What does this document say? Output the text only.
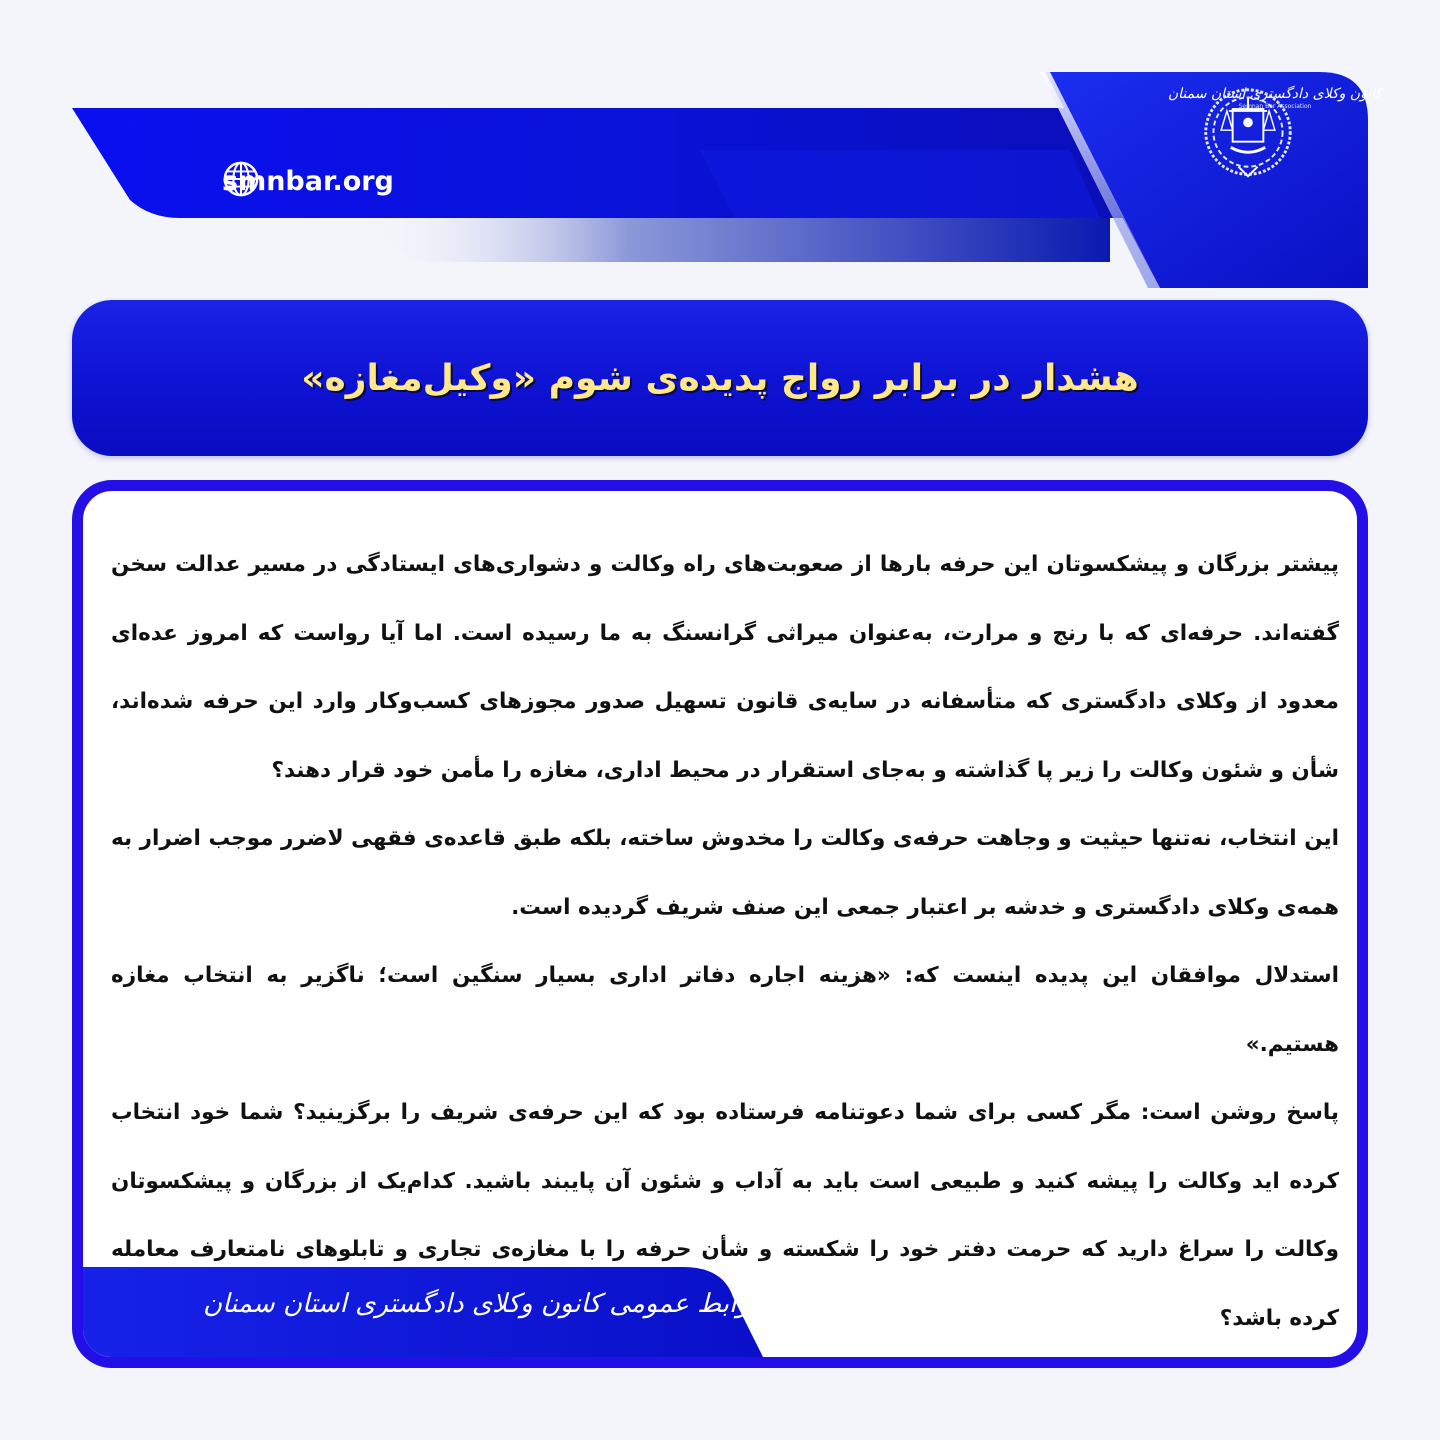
smnbar.org
کانون وکلای دادگستری استان سمنان
Semnan Bar Association
هشدار در برابر رواج پدیده‌ی شوم «وکیل‌مغازه»

پیشتر بزرگان و پیشکسوتان این حرفه بارها از صعوبت‌های راه وکالت و دشواری‌های ایستادگی در مسیر عدالت سخن گفته‌اند. حرفه‌ای که با رنج و مرارت، به‌عنوان میراثی گرانسنگ به ما رسیده است. اما آیا رواست که امروز عده‌ای معدود از وکلای دادگستری که متأسفانه در سایه‌ی قانون تسهیل صدور مجوزهای کسب‌وکار وارد این حرفه شده‌اند، شأن و شئون وکالت را زیر پا گذاشته و به‌جای استقرار در محیط اداری، مغازه را مأمن خود قرار دهند؟

این انتخاب، نه‌تنها حیثیت و وجاهت حرفه‌ی وکالت را مخدوش ساخته، بلکه طبق قاعده‌ی فقهی لاضرر موجب اضرار به همه‌ی وکلای دادگستری و خدشه بر اعتبار جمعی این صنف شریف گردیده است.

استدلال موافقان این پدیده اینست که: «هزینه اجاره دفاتر اداری بسیار سنگین است؛ ناگزیر به انتخاب مغازه هستیم.»

پاسخ روشن است: مگر کسی برای شما دعوتنامه فرستاده بود که این حرفه‌ی شریف را برگزینید؟ شما خود انتخاب کرده اید وکالت را پیشه کنید و طبیعی است باید به آداب و شئون آن پایبند باشید. کدام‌یک از بزرگان و پیشکسوتان وکالت را سراغ دارید که حرمت دفتر خود را شکسته و شأن حرفه را با مغازه‌ی تجاری و تابلوهای نامتعارف معامله کرده باشد؟

روابط عمومی کانون وکلای دادگستری استان سمنان
